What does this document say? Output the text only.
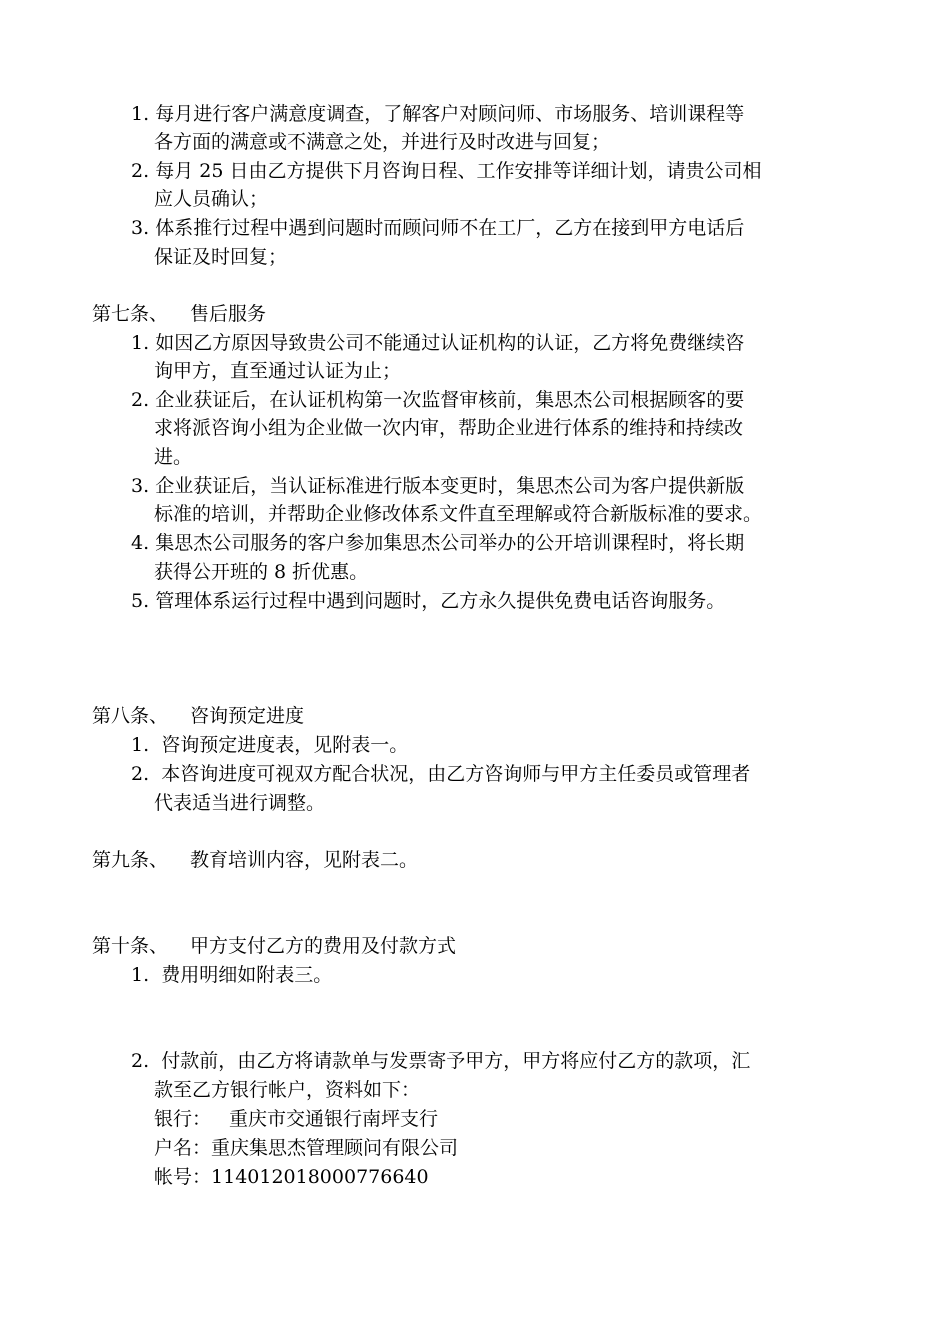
1. 每月进行客户满意度调查，了解客户对顾问师、市场服务、培训课程等
各方面的满意或不满意之处，并进行及时改进与回复；
2. 每月 25 日由乙方提供下月咨询日程、工作安排等详细计划，请贵公司相
应人员确认；
3. 体系推行过程中遇到问题时而顾问师不在工厂，乙方在接到甲方电话后
保证及时回复；
第七条、 售后服务
1. 如因乙方原因导致贵公司不能通过认证机构的认证，乙方将免费继续咨
询甲方，直至通过认证为止；
2. 企业获证后，在认证机构第一次监督审核前，集思杰公司根据顾客的要
求将派咨询小组为企业做一次内审，帮助企业进行体系的维持和持续改
进。
3. 企业获证后，当认证标准进行版本变更时，集思杰公司为客户提供新版
标准的培训，并帮助企业修改体系文件直至理解或符合新版标准的要求。
4. 集思杰公司服务的客户参加集思杰公司举办的公开培训课程时，将长期
获得公开班的 8 折优惠。
5. 管理体系运行过程中遇到问题时，乙方永久提供免费电话咨询服务。
第八条、 咨询预定进度
1. 咨询预定进度表，见附表一。
2. 本咨询进度可视双方配合状况，由乙方咨询师与甲方主任委员或管理者
代表适当进行调整。
第九条、 教育培训内容，见附表二。
第十条、 甲方支付乙方的费用及付款方式
1. 费用明细如附表三。
2. 付款前，由乙方将请款单与发票寄予甲方，甲方将应付乙方的款项，汇
款至乙方银行帐户，资料如下：
银行： 重庆市交通银行南坪支行
户名：重庆集思杰管理顾问有限公司
帐号：114012018000776640
